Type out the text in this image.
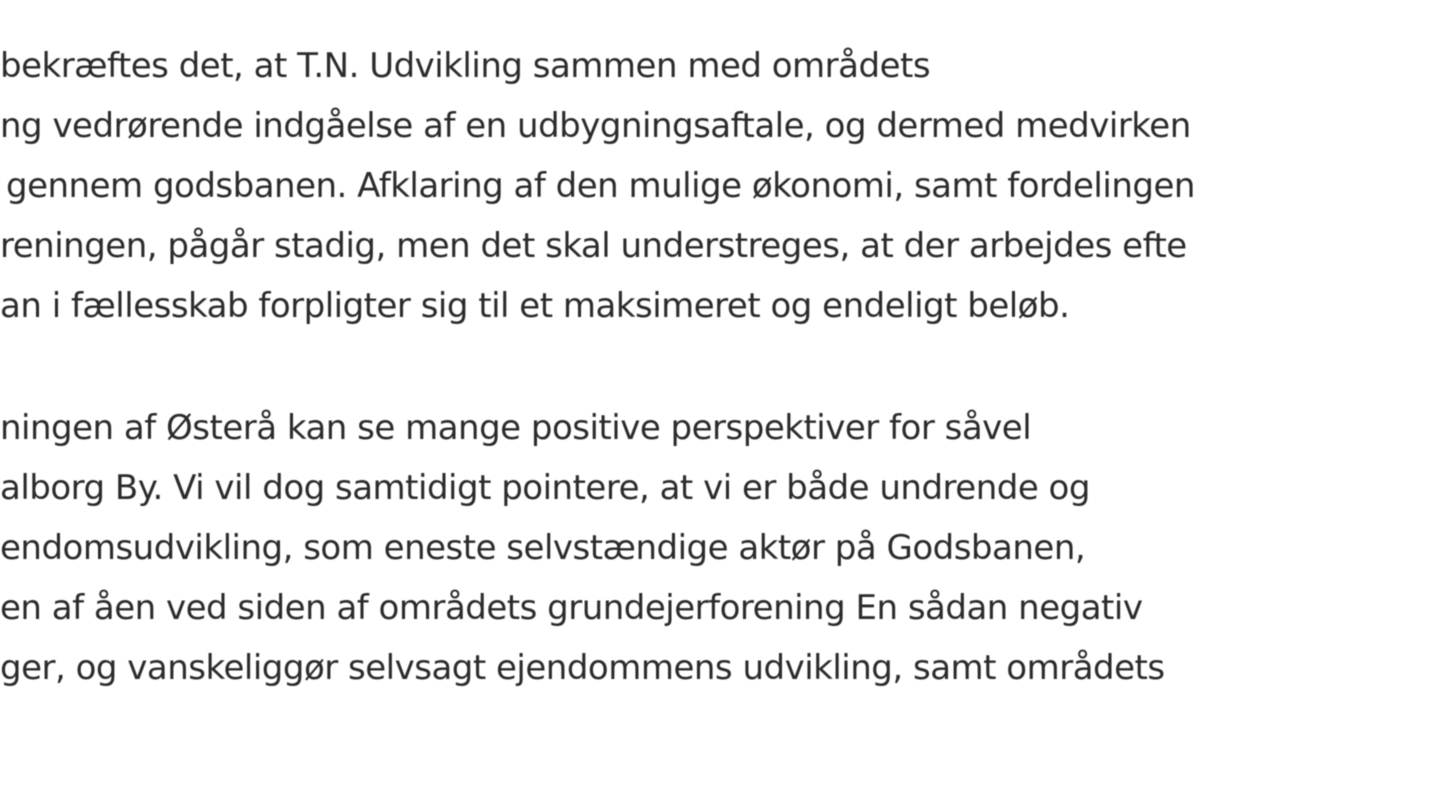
bekræftes det, at T.N. Udvikling sammen med områdets
ng vedrørende indgåelse af en udbygningsaftale, og dermed medvirken
gennem godsbanen. Afklaring af den mulige økonomi, samt fordelingen
reningen, pågår stadig, men det skal understreges, at der arbejdes efte
an i fællesskab forpligter sig til et maksimeret og endeligt beløb.
ningen af Østerå kan se mange positive perspektiver for såvel
alborg By. Vi vil dog samtidigt pointere, at vi er både undrende og
endomsudvikling, som eneste selvstændige aktør på Godsbanen,
en af åen ved siden af områdets grundejerforening En sådan negativ
ger, og vanskeliggør selvsagt ejendommens udvikling, samt områdets
